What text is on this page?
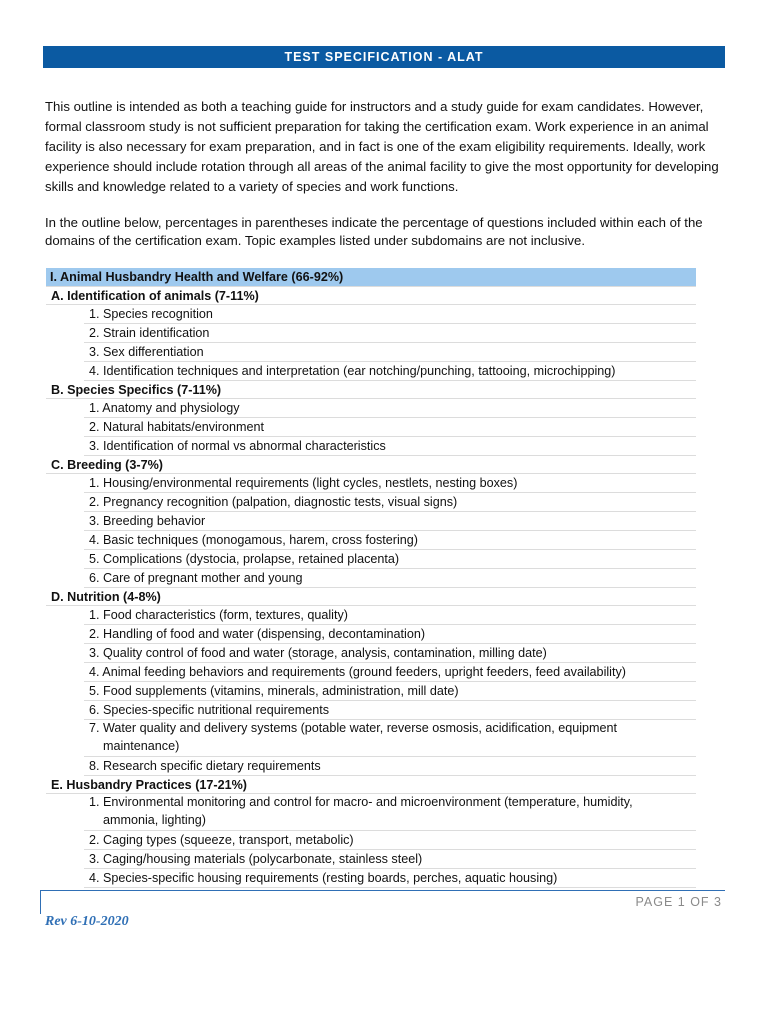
TEST SPECIFICATION - ALAT

This outline is intended as both a teaching guide for instructors and a study guide for exam candidates. However, formal classroom study is not sufficient preparation for taking the certification exam. Work experience in an animal facility is also necessary for exam preparation, and in fact is one of the exam eligibility requirements. Ideally, work experience should include rotation through all areas of the animal facility to give the most opportunity for developing skills and knowledge related to a variety of species and work functions.

In the outline below, percentages in parentheses indicate the percentage of questions included within each of the domains of the certification exam. Topic examples listed under subdomains are not inclusive.

I. Animal Husbandry Health and Welfare (66-92%)
A. Identification of animals (7-11%)
1. Species recognition
2. Strain identification
3. Sex differentiation
4. Identification techniques and interpretation (ear notching/punching, tattooing, microchipping)
B. Species Specifics (7-11%)
1. Anatomy and physiology
2. Natural habitats/environment
3. Identification of normal vs abnormal characteristics
C. Breeding (3-7%)
1. Housing/environmental requirements (light cycles, nestlets, nesting boxes)
2. Pregnancy recognition (palpation, diagnostic tests, visual signs)
3. Breeding behavior
4. Basic techniques (monogamous, harem, cross fostering)
5. Complications (dystocia, prolapse, retained placenta)
6. Care of pregnant mother and young
D. Nutrition (4-8%)
1. Food characteristics (form, textures, quality)
2. Handling of food and water (dispensing, decontamination)
3. Quality control of food and water (storage, analysis, contamination, milling date)
4. Animal feeding behaviors and requirements (ground feeders, upright feeders, feed availability)
5. Food supplements (vitamins, minerals, administration, mill date)
6. Species-specific nutritional requirements
7. Water quality and delivery systems (potable water, reverse osmosis, acidification, equipment
maintenance)
8. Research specific dietary requirements
E. Husbandry Practices (17-21%)
1. Environmental monitoring and control for macro- and microenvironment (temperature, humidity,
ammonia, lighting)
2. Caging types (squeeze, transport, metabolic)
3. Caging/housing materials (polycarbonate, stainless steel)
4. Species-specific housing requirements (resting boards, perches, aquatic housing)
PAGE 1 OF 3
Rev 6-10-2020
